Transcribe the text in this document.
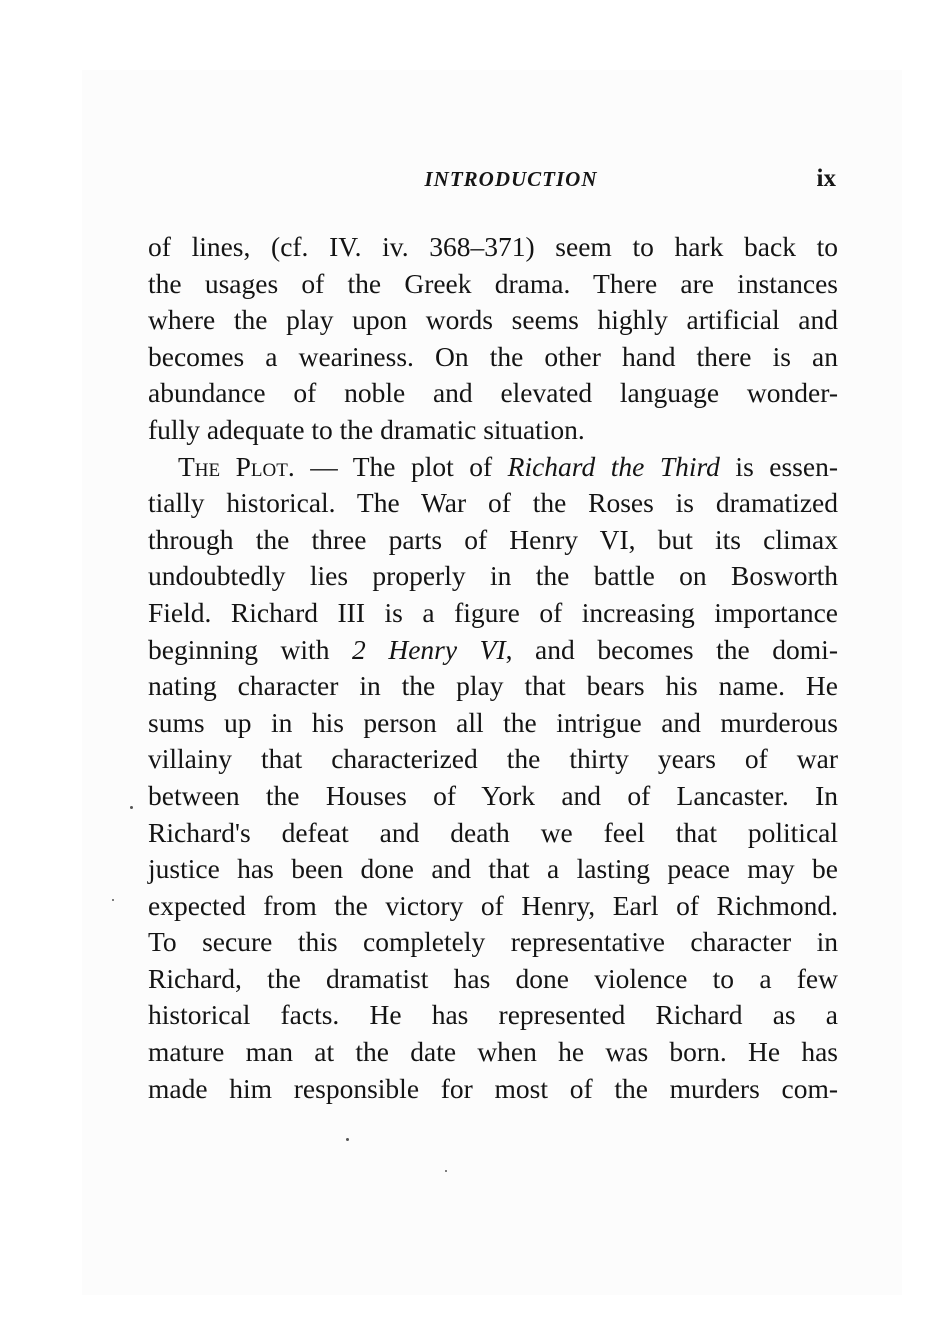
INTRODUCTION	ix
of lines, (cf. IV. iv. 368–371) seem to hark back to
the usages of the Greek drama. There are instances
where the play upon words seems highly artificial and
becomes a weariness. On the other hand there is an
abundance of noble and elevated language wonder-
fully adequate to the dramatic situation.
The Plot. — The plot of Richard the Third is essen-
tially historical. The War of the Roses is dramatized
through the three parts of Henry VI, but its climax
undoubtedly lies properly in the battle on Bosworth
Field. Richard III is a figure of increasing importance
beginning with 2 Henry VI, and becomes the domi-
nating character in the play that bears his name. He
sums up in his person all the intrigue and murderous
villainy that characterized the thirty years of war
between the Houses of York and of Lancaster. In
Richard's defeat and death we feel that political
justice has been done and that a lasting peace may be
expected from the victory of Henry, Earl of Richmond.
To secure this completely representative character in
Richard, the dramatist has done violence to a few
historical facts. He has represented Richard as a
mature man at the date when he was born. He has
made him responsible for most of the murders com-
